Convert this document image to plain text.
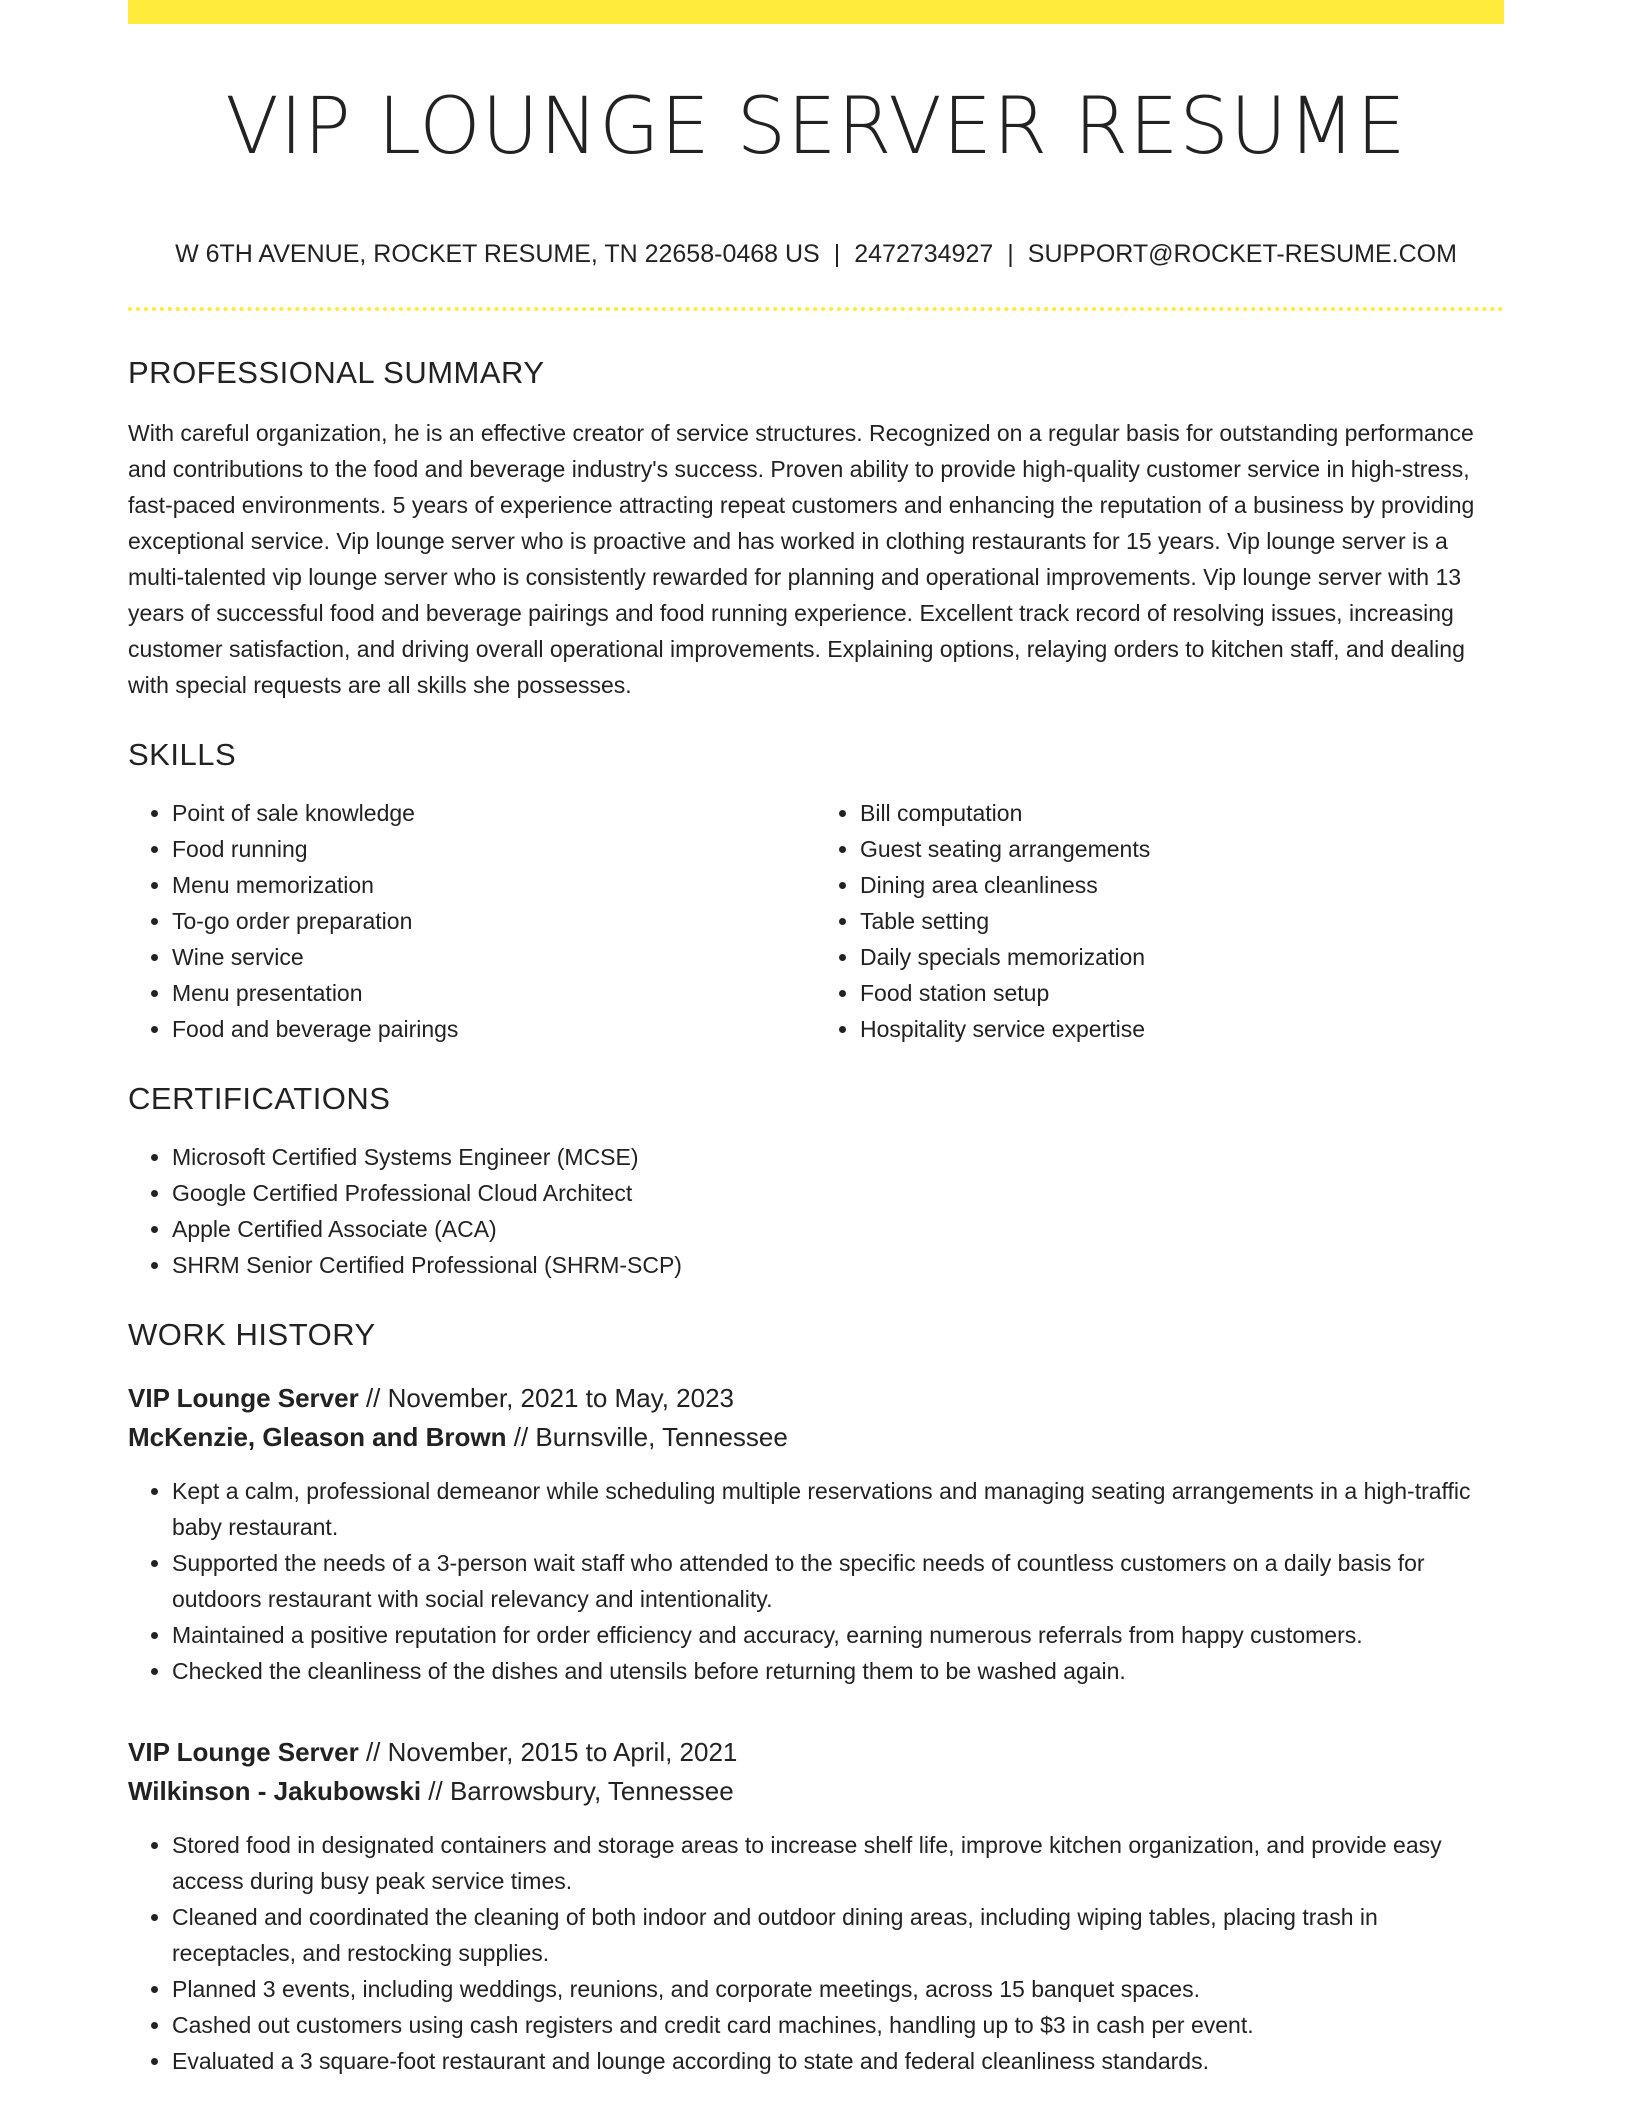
VIP LOUNGE SERVER RESUME
W 6TH AVENUE, ROCKET RESUME, TN 22658-0468 US | 2472734927 | SUPPORT@ROCKET-RESUME.COM
PROFESSIONAL SUMMARY

With careful organization, he is an effective creator of service structures. Recognized on a regular basis for outstanding performance and contributions to the food and beverage industry's success. Proven ability to provide high-quality customer service in high-stress, fast-paced environments. 5 years of experience attracting repeat customers and enhancing the reputation of a business by providing exceptional service. Vip lounge server who is proactive and has worked in clothing restaurants for 15 years. Vip lounge server is a multi-talented vip lounge server who is consistently rewarded for planning and operational improvements. Vip lounge server with 13 years of successful food and beverage pairings and food running experience. Excellent track record of resolving issues, increasing customer satisfaction, and driving overall operational improvements. Explaining options, relaying orders to kitchen staff, and dealing with special requests are all skills she possesses.

SKILLS
• Point of sale knowledge
• Food running
• Menu memorization
• To-go order preparation
• Wine service
• Menu presentation
• Food and beverage pairings
• Bill computation
• Guest seating arrangements
• Dining area cleanliness
• Table setting
• Daily specials memorization
• Food station setup
• Hospitality service expertise
CERTIFICATIONS
• Microsoft Certified Systems Engineer (MCSE)
• Google Certified Professional Cloud Architect
• Apple Certified Associate (ACA)
• SHRM Senior Certified Professional (SHRM-SCP)
WORK HISTORY
VIP Lounge Server // November, 2021 to May, 2023
McKenzie, Gleason and Brown // Burnsville, Tennessee
• Kept a calm, professional demeanor while scheduling multiple reservations and managing seating arrangements in a high-traffic baby restaurant.
• Supported the needs of a 3-person wait staff who attended to the specific needs of countless customers on a daily basis for outdoors restaurant with social relevancy and intentionality.
• Maintained a positive reputation for order efficiency and accuracy, earning numerous referrals from happy customers.
• Checked the cleanliness of the dishes and utensils before returning them to be washed again.
VIP Lounge Server // November, 2015 to April, 2021
Wilkinson - Jakubowski // Barrowsbury, Tennessee
• Stored food in designated containers and storage areas to increase shelf life, improve kitchen organization, and provide easy access during busy peak service times.
• Cleaned and coordinated the cleaning of both indoor and outdoor dining areas, including wiping tables, placing trash in receptacles, and restocking supplies.
• Planned 3 events, including weddings, reunions, and corporate meetings, across 15 banquet spaces.
• Cashed out customers using cash registers and credit card machines, handling up to $3 in cash per event.
• Evaluated a 3 square-foot restaurant and lounge according to state and federal cleanliness standards.
